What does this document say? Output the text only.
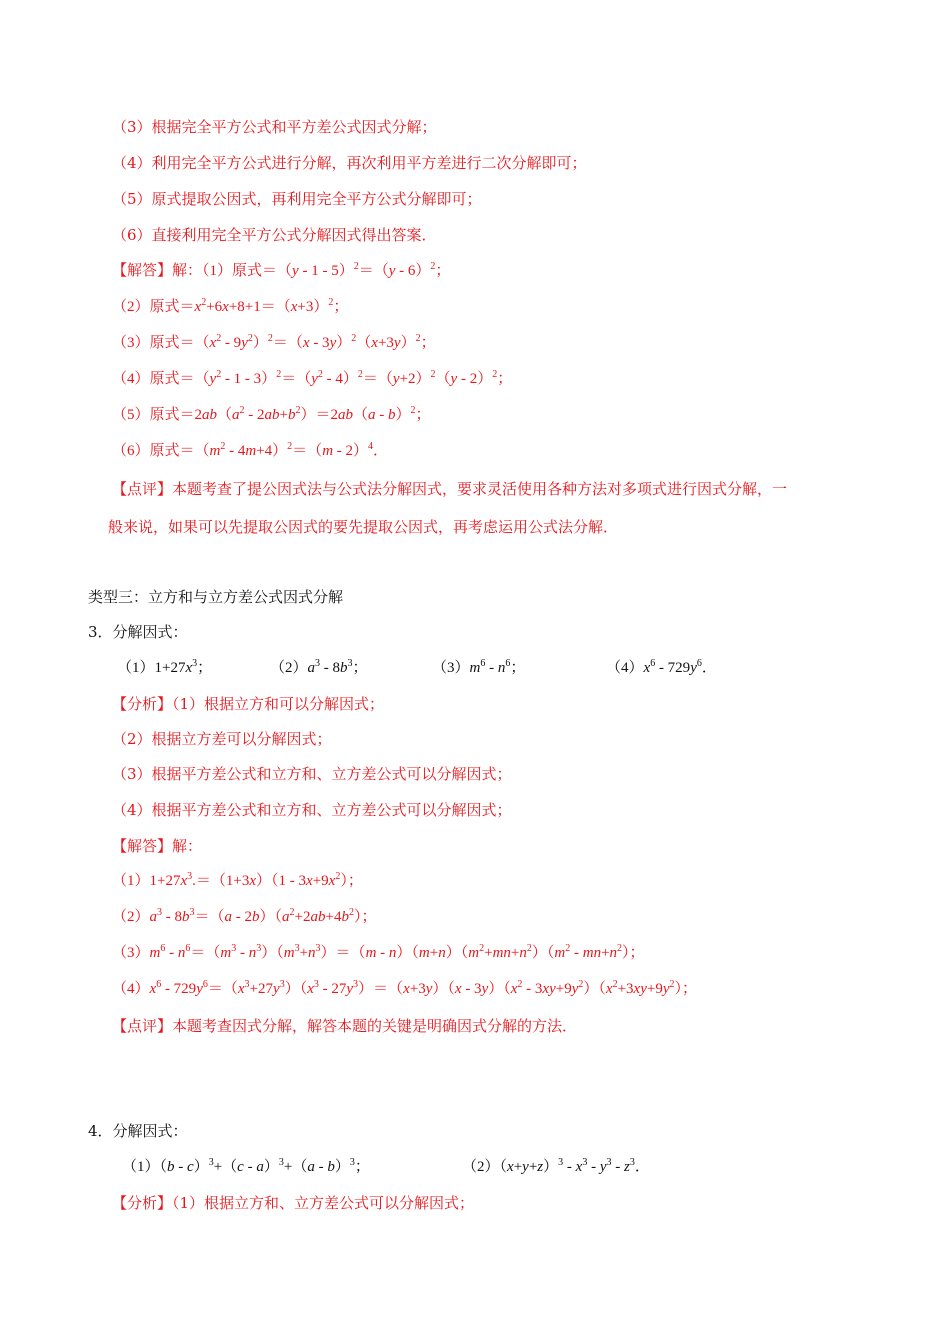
（3）根据完全平方公式和平方差公式因式分解；
（4）利用完全平方公式进行分解，再次利用平方差进行二次分解即可；
（5）原式提取公因式，再利用完全平方公式分解即可；
（6）直接利用完全平方公式分解因式得出答案．
【解答】解：（1）原式＝（y - 1 - 5）$^2$＝（y - 6）$^2$；
（2）原式$=x^2+6x+8+1=(x+3)^2$；
（3）原式$=(x^2 - 9y^2)^2=(x - 3y)^2(x+3y)^2$；
（4）原式$=(y^2 - 1 - 3)^2=(y^2 - 4)^2=(y+2)^2(y - 2)^2$；
（5）原式$=2ab(a^2 - 2ab+b^2)=2ab(a - b)^2$；
（6）原式$=(m^2 - 4m+4)^2=(m - 2)^4$．
【点评】本题考查了提公因式法与公式法分解因式，要求灵活使用各种方法对多项式进行因式分解，一
般来说，如果可以先提取公因式的要先提取公因式，再考虑运用公式法分解．
类型三：立方和与立方差公式因式分解
3．分解因式：
$(1)1+27x^3$；	$(2)a^3 - 8b^3$；	$(3)m^6 - n^6$；	$(4)x^6 - 729y^6$．
【分析】（1）根据立方和可以分解因式；
（2）根据立方差可以分解因式；
（3）根据平方差公式和立方和、立方差公式可以分解因式；
（4）根据平方差公式和立方和、立方差公式可以分解因式；
【解答】解：
$(1)1+27x^3.=(1+3x)(1 - 3x+9x^2)$；
$(2)a^3 - 8b^3=(a - 2b)(a^2+2ab+4b^2)$；
$(3)m^6 - n^6=(m^3 - n^3)(m^3+n^3)=(m - n)(m+n)(m^2+mn+n^2)(m^2 - mn+n^2)$；
$(4)x^6 - 729y^6=(x^3+27y^3)(x^3 - 27y^3)=(x+3y)(x - 3y)(x^2 - 3xy+9y^2)(x^2+3xy+9y^2)$；
【点评】本题考查因式分解，解答本题的关键是明确因式分解的方法．
4．分解因式：
（1）（b - c）$^3$+（c - a）$^3$+（a - b）$^3$；	$(2)(x+y+z)^3 - x^3 - y^3 - z^3$．
【分析】（1）根据立方和、立方差公式可以分解因式；
